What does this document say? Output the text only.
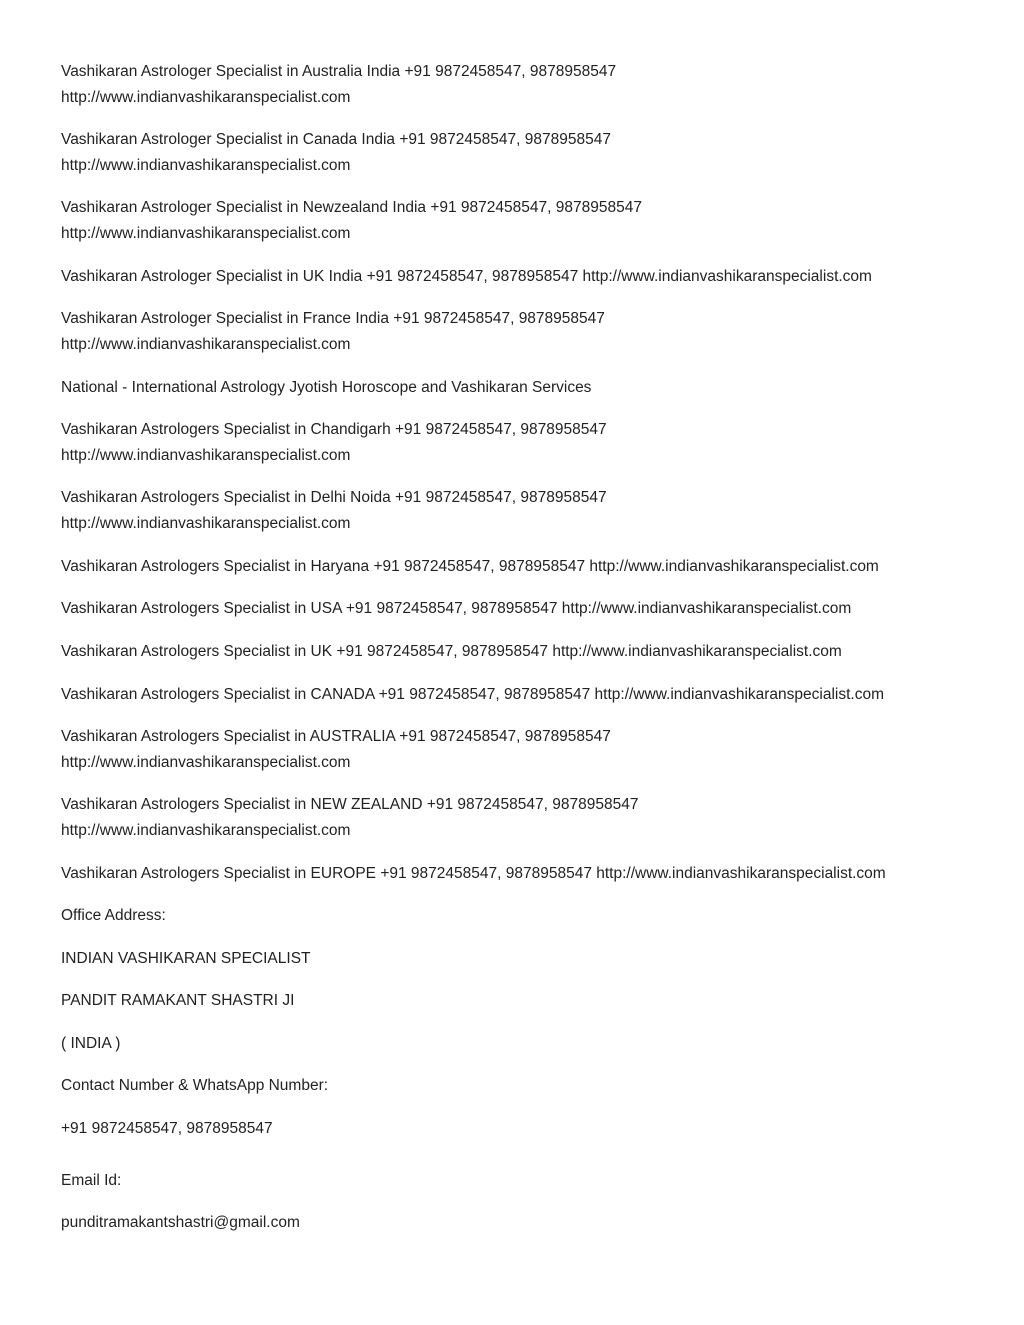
Vashikaran Astrologer Specialist in Australia India +91 9872458547, 9878958547
http://www.indianvashikaranspecialist.com
Vashikaran Astrologer Specialist in Canada India +91 9872458547, 9878958547
http://www.indianvashikaranspecialist.com
Vashikaran Astrologer Specialist in Newzealand India +91 9872458547, 9878958547
http://www.indianvashikaranspecialist.com
Vashikaran Astrologer Specialist in UK India +91 9872458547, 9878958547 http://www.indianvashikaranspecialist.com
Vashikaran Astrologer Specialist in France India +91 9872458547, 9878958547
http://www.indianvashikaranspecialist.com
National - International Astrology Jyotish Horoscope and Vashikaran Services
Vashikaran Astrologers Specialist in Chandigarh +91 9872458547, 9878958547
http://www.indianvashikaranspecialist.com
Vashikaran Astrologers Specialist in Delhi Noida +91 9872458547, 9878958547
http://www.indianvashikaranspecialist.com
Vashikaran Astrologers Specialist in Haryana +91 9872458547, 9878958547 http://www.indianvashikaranspecialist.com
Vashikaran Astrologers Specialist in USA +91 9872458547, 9878958547 http://www.indianvashikaranspecialist.com
Vashikaran Astrologers Specialist in UK +91 9872458547, 9878958547 http://www.indianvashikaranspecialist.com
Vashikaran Astrologers Specialist in CANADA +91 9872458547, 9878958547 http://www.indianvashikaranspecialist.com
Vashikaran Astrologers Specialist in AUSTRALIA +91 9872458547, 9878958547
http://www.indianvashikaranspecialist.com
Vashikaran Astrologers Specialist in NEW ZEALAND +91 9872458547, 9878958547
http://www.indianvashikaranspecialist.com
Vashikaran Astrologers Specialist in EUROPE +91 9872458547, 9878958547 http://www.indianvashikaranspecialist.com
Office Address:
INDIAN VASHIKARAN SPECIALIST
PANDIT RAMAKANT SHASTRI JI
( INDIA )
Contact Number & WhatsApp Number:
+91 9872458547, 9878958547
Email Id:
punditramakantshastri@gmail.com
